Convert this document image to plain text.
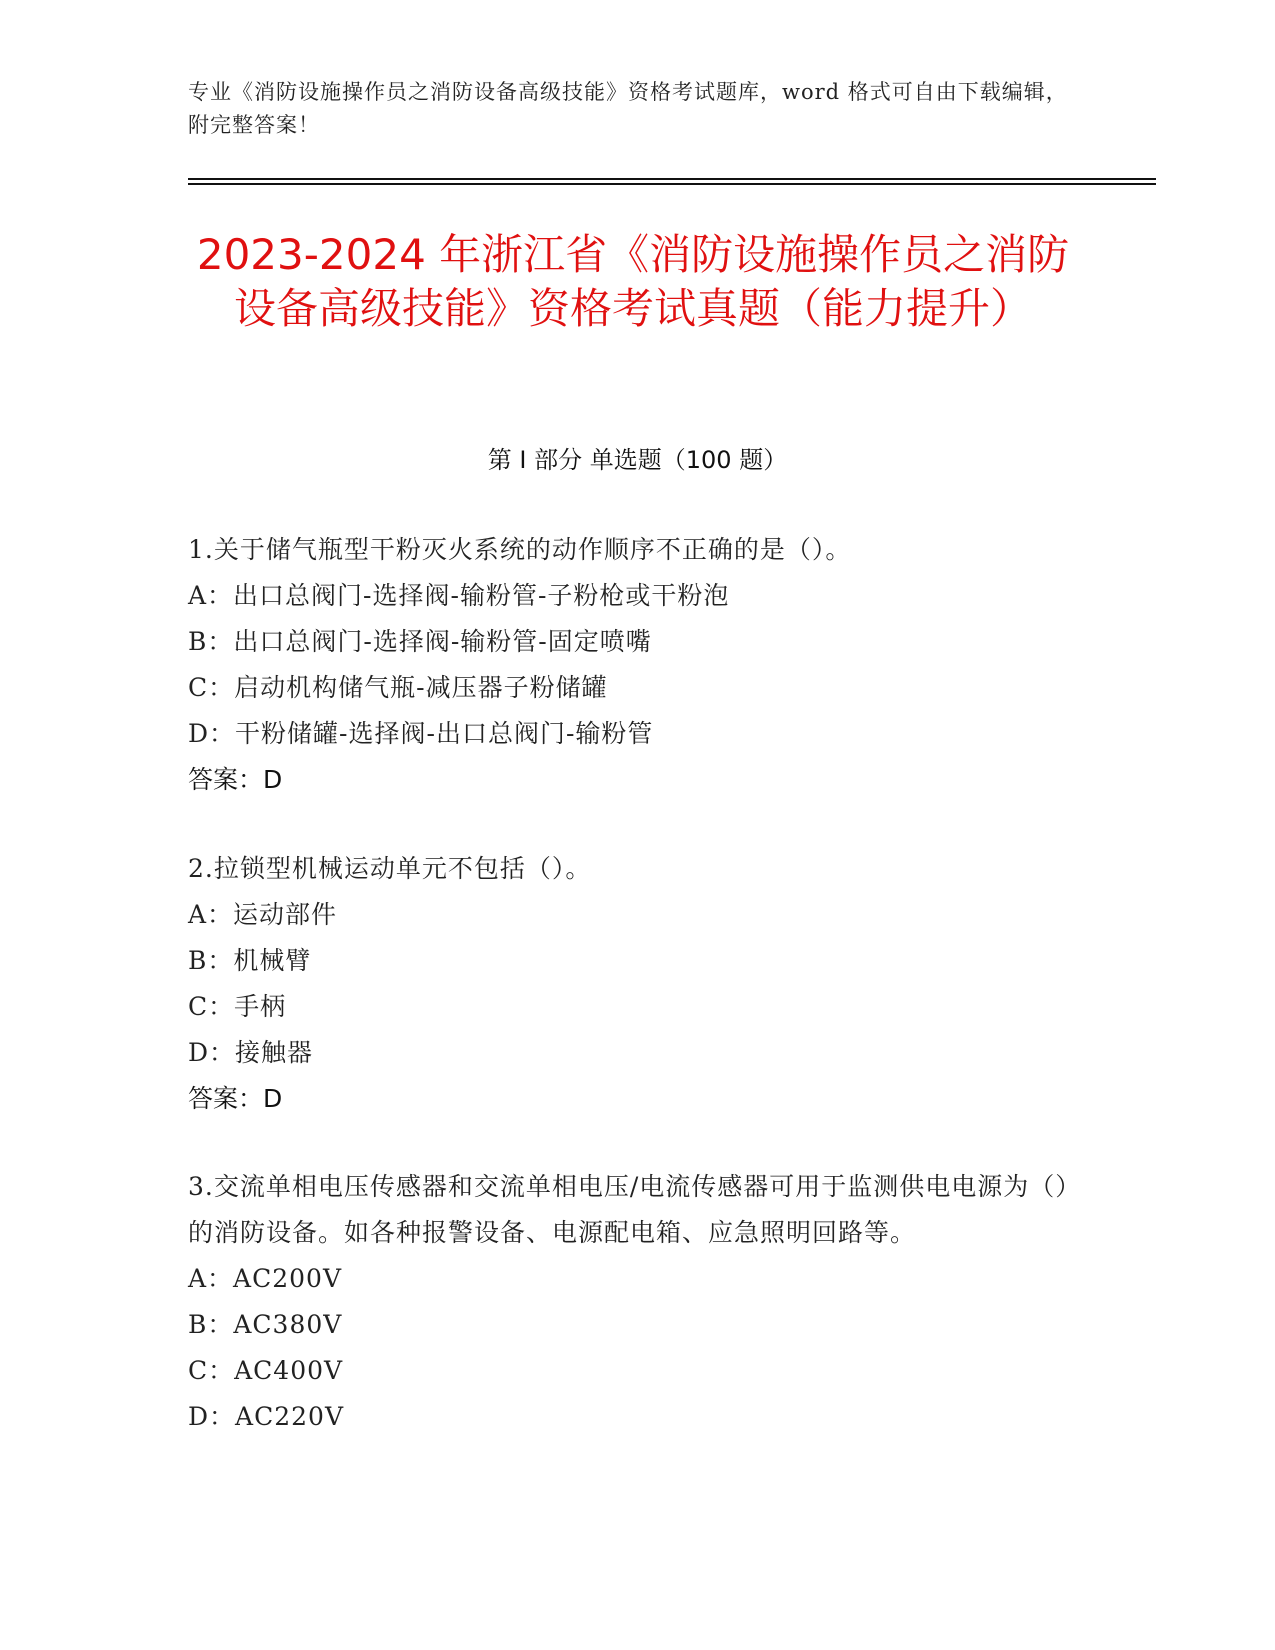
专业《消防设施操作员之消防设备高级技能》资格考试题库，word 格式可自由下载编辑，附完整答案！
2023-2024 年浙江省《消防设施操作员之消防设备高级技能》资格考试真题（能力提升）
第 I 部分 单选题（100 题）
1.关于储气瓶型干粉灭火系统的动作顺序不正确的是（）。
A：出口总阀门-选择阀-输粉管-子粉枪或干粉泡
B：出口总阀门-选择阀-输粉管-固定喷嘴
C：启动机构储气瓶-减压器子粉储罐
D：干粉储罐-选择阀-出口总阀门-输粉管
答案：D
2.拉锁型机械运动单元不包括（）。
A：运动部件
B：机械臂
C：手柄
D：接触器
答案：D
3.交流单相电压传感器和交流单相电压/电流传感器可用于监测供电电源为（）的消防设备。如各种报警设备、电源配电箱、应急照明回路等。
A：AC200V
B：AC380V
C：AC400V
D：AC220V
